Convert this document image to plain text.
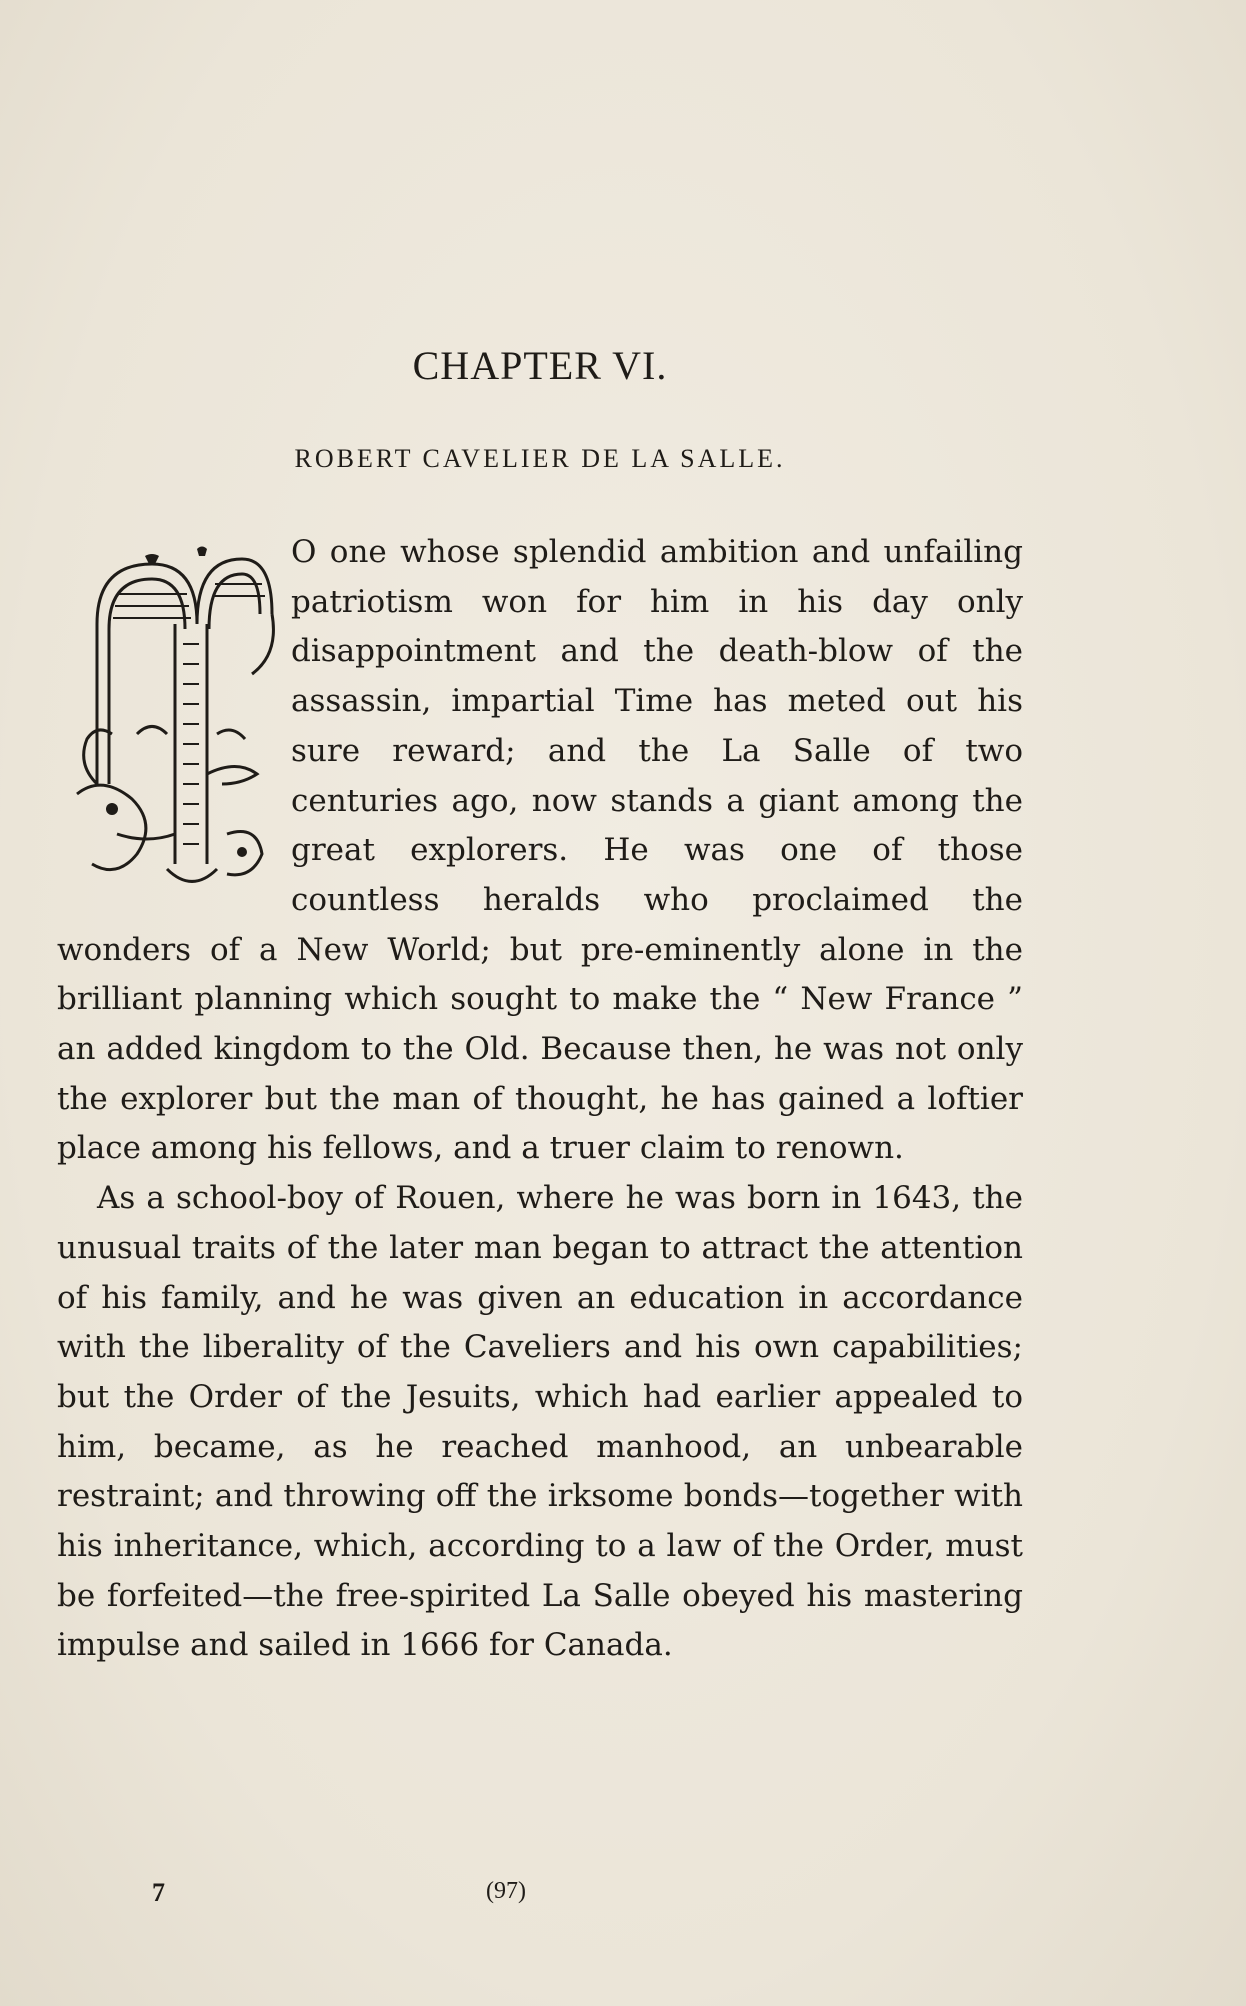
CHAPTER VI.
ROBERT CAVELIER DE LA SALLE.

O one whose splendid ambition and unfailing patriotism won for him in his day only disappointment and the death-blow of the assassin, impartial Time has meted out his sure reward; and the La Salle of two centuries ago, now stands a giant among the great explorers. He was one of those countless heralds who proclaimed the wonders of a New World; but pre-eminently alone in the brilliant planning which sought to make the “ New France ” an added kingdom to the Old. Because then, he was not only the explorer but the man of thought, he has gained a loftier place among his fellows, and a truer claim to renown.

As a school-boy of Rouen, where he was born in 1643, the unusual traits of the later man began to attract the attention of his family, and he was given an education in accordance with the liberality of the Caveliers and his own capabilities; but the Order of the Jesuits, which had earlier appealed to him, became, as he reached manhood, an unbearable restraint; and throwing off the irksome bonds—together with his inheritance, which, according to a law of the Order, must be forfeited—the free-spirited La Salle obeyed his mastering impulse and sailed in 1666 for Canada.

7	(97)
